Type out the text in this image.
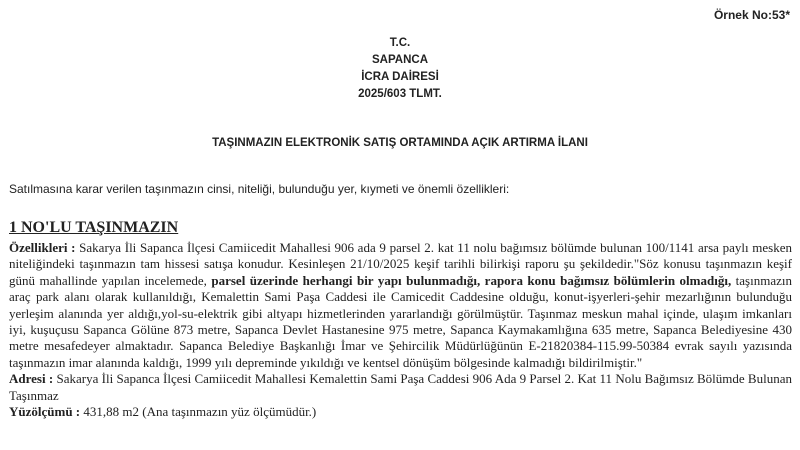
Örnek No:53*
T.C.
SAPANCA
İCRA DAİRESİ
2025/603 TLMT.
TAŞINMAZIN ELEKTRONİK SATIŞ ORTAMINDA AÇIK ARTIRMA İLANI
Satılmasına karar verilen taşınmazın cinsi, niteliği, bulunduğu yer, kıymeti ve önemli özellikleri:
1 NO'LU TAŞINMAZIN

Özellikleri : Sakarya İli Sapanca İlçesi Camiicedit Mahallesi 906 ada 9 parsel 2. kat 11 nolu bağımsız bölümde bulunan 100/1141 arsa paylı mesken niteliğindeki taşınmazın tam hissesi satışa konudur. Kesinleşen 21/10/2025 keşif tarihli bilirkişi raporu şu şekildedir."Söz konusu taşınmazın keşif günü mahallinde yapılan incelemede, parsel üzerinde herhangi bir yapı bulunmadığı, rapora konu bağımsız bölümlerin olmadığı, taşınmazın araç park alanı olarak kullanıldığı, Kemalettin Sami Paşa Caddesi ile Camicedit Caddesine olduğu, konut-işyerleri-şehir mezarlığının bulunduğu yerleşim alanında yer aldığı,yol-su-elektrik gibi altyapı hizmetlerinden yararlandığı görülmüştür. Taşınmaz meskun mahal içinde, ulaşım imkanları iyi, kuşuçusu Sapanca Gölüne 873 metre, Sapanca Devlet Hastanesine 975 metre, Sapanca Kaymakamlığına 635 metre, Sapanca Belediyesine 430 metre mesafedeyer almaktadır. Sapanca Belediye Başkanlığı İmar ve Şehircilik Müdürlüğünün E-21820384-115.99-50384 evrak sayılı yazısında taşınmazın imar alanında kaldığı, 1999 yılı depreminde yıkıldığı ve kentsel dönüşüm bölgesinde kalmadığı bildirilmiştir."

Adresi : Sakarya İli Sapanca İlçesi Camiicedit Mahallesi Kemalettin Sami Paşa Caddesi 906 Ada 9 Parsel 2. Kat 11 Nolu Bağımsız Bölümde Bulunan Taşınmaz

Yüzölçümü : 431,88 m2 (Ana taşınmazın yüz ölçümüdür.)
